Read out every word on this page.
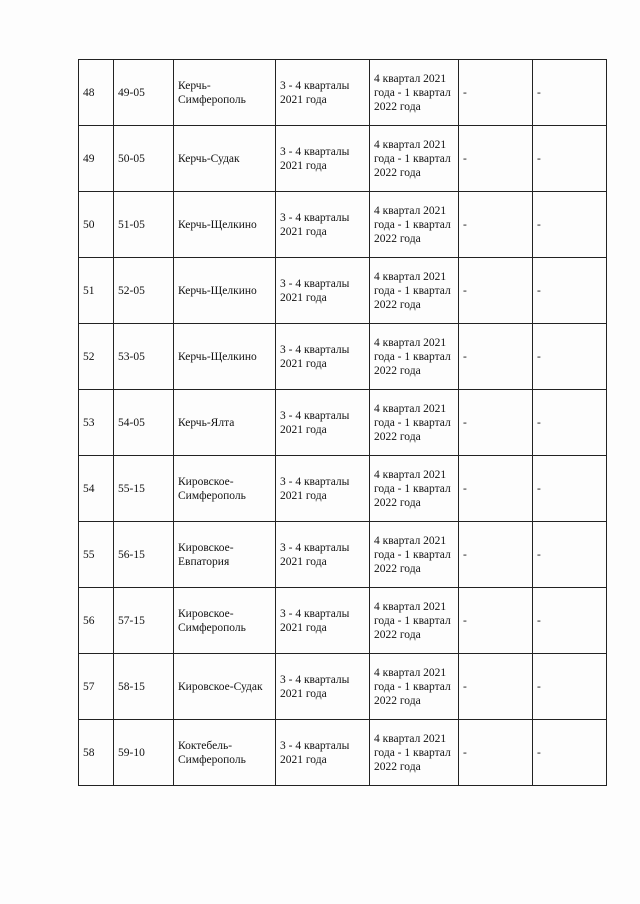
48	49-05	Керчь-Симферополь	3 - 4 кварталы 2021 года	4 квартал 2021 года - 1 квартал 2022 года	-	-
49	50-05	Керчь-Судак	3 - 4 кварталы 2021 года	4 квартал 2021 года - 1 квартал 2022 года	-	-
50	51-05	Керчь-Щелкино	3 - 4 кварталы 2021 года	4 квартал 2021 года - 1 квартал 2022 года	-	-
51	52-05	Керчь-Щелкино	3 - 4 кварталы 2021 года	4 квартал 2021 года - 1 квартал 2022 года	-	-
52	53-05	Керчь-Щелкино	3 - 4 кварталы 2021 года	4 квартал 2021 года - 1 квартал 2022 года	-	-
53	54-05	Керчь-Ялта	3 - 4 кварталы 2021 года	4 квартал 2021 года - 1 квартал 2022 года	-	-
54	55-15	Кировское-Симферополь	3 - 4 кварталы 2021 года	4 квартал 2021 года - 1 квартал 2022 года	-	-
55	56-15	Кировское-Евпатория	3 - 4 кварталы 2021 года	4 квартал 2021 года - 1 квартал 2022 года	-	-
56	57-15	Кировское-Симферополь	3 - 4 кварталы 2021 года	4 квартал 2021 года - 1 квартал 2022 года	-	-
57	58-15	Кировское-Судак	3 - 4 кварталы 2021 года	4 квартал 2021 года - 1 квартал 2022 года	-	-
58	59-10	Коктебель-Симферополь	3 - 4 кварталы 2021 года	4 квартал 2021 года - 1 квартал 2022 года	-	-
